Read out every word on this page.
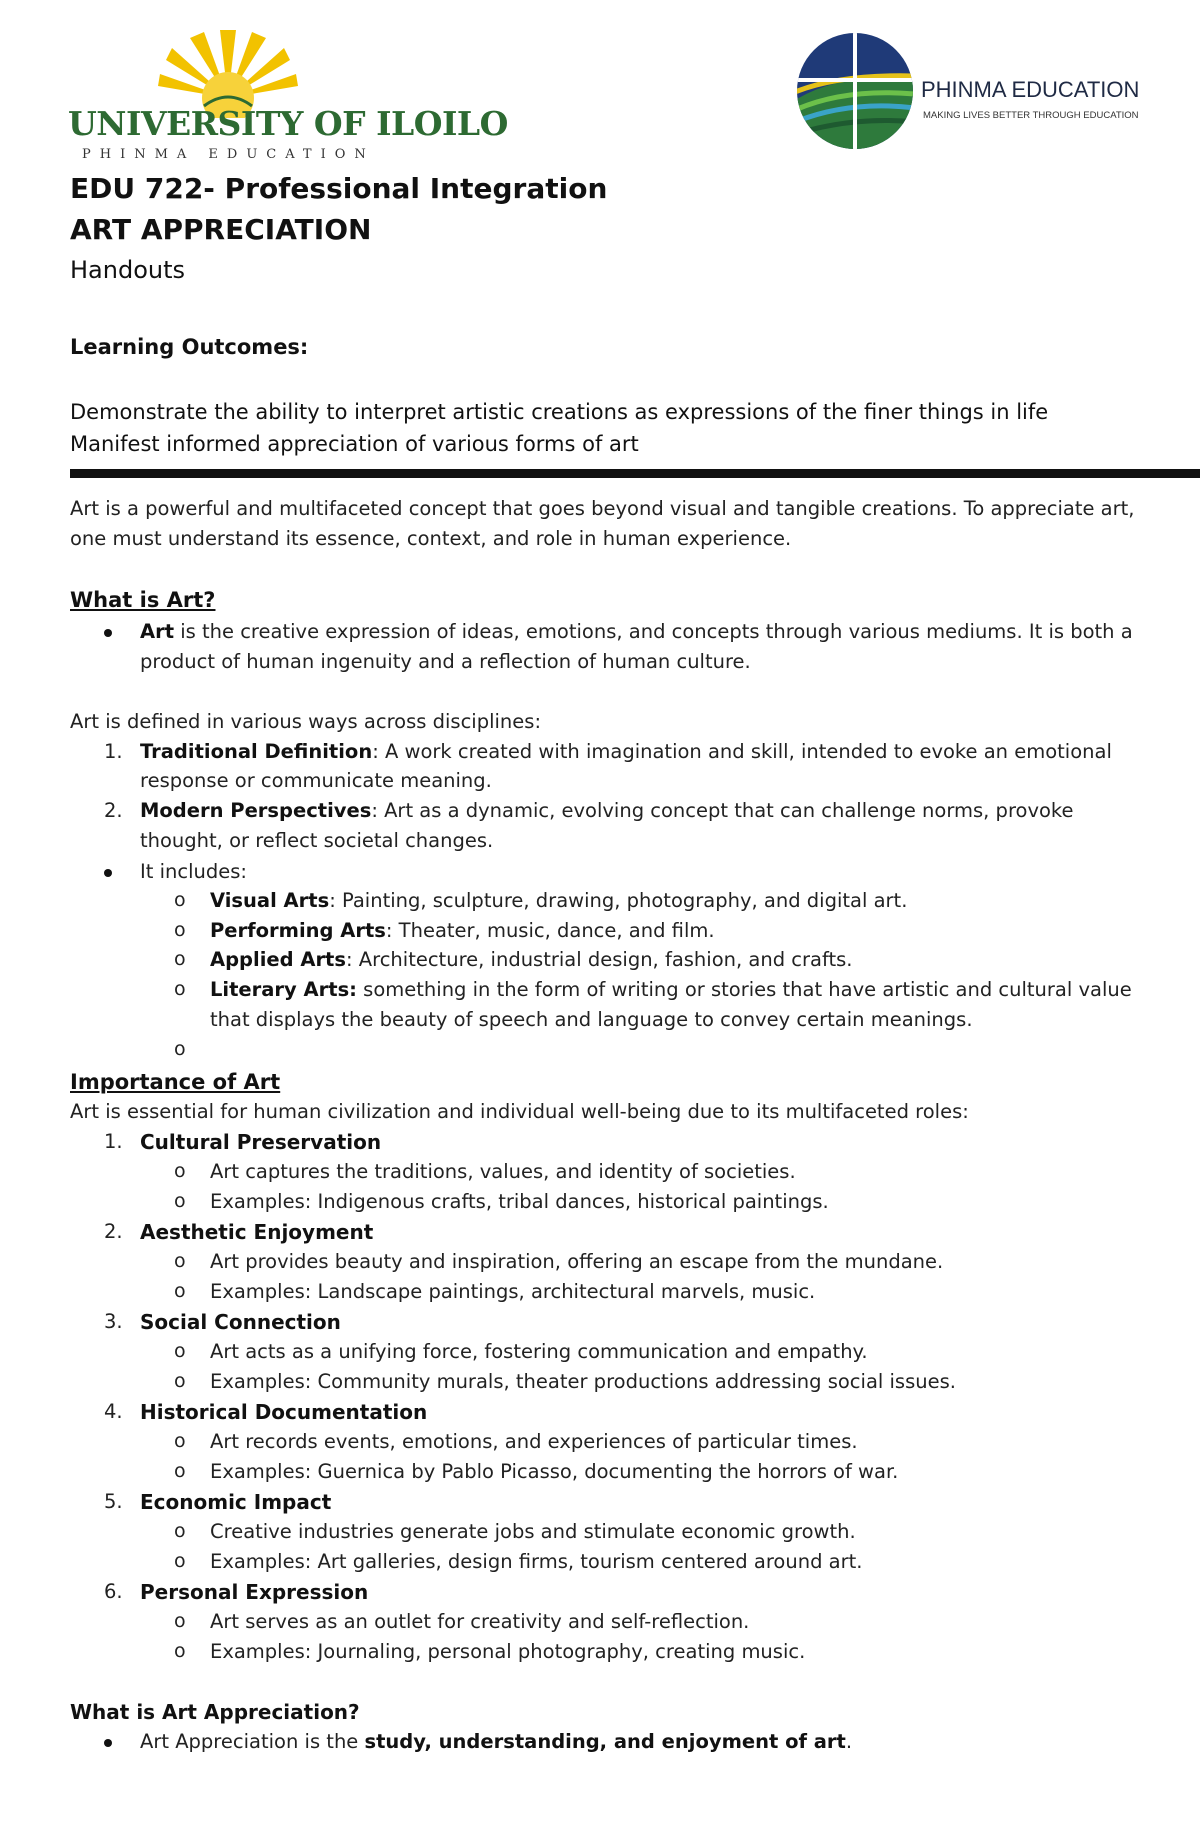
UNIVERSITY OF ILOILO
PHINMA EDUCATION
PHINMA EDUCATION
MAKING LIVES BETTER THROUGH EDUCATION
EDU 722- Professional Integration
ART APPRECIATION
Handouts
Learning Outcomes:
Demonstrate the ability to interpret artistic creations as expressions of the finer things in life
Manifest informed appreciation of various forms of art
Art is a powerful and multifaceted concept that goes beyond visual and tangible creations. To appreciate art,
one must understand its essence, context, and role in human experience.
What is Art?
Art is the creative expression of ideas, emotions, and concepts through various mediums. It is both a
product of human ingenuity and a reflection of human culture.
Art is defined in various ways across disciplines:
1. Traditional Definition: A work created with imagination and skill, intended to evoke an emotional
response or communicate meaning.
2. Modern Perspectives: Art as a dynamic, evolving concept that can challenge norms, provoke
thought, or reflect societal changes.
It includes:
o Visual Arts: Painting, sculpture, drawing, photography, and digital art.
o Performing Arts: Theater, music, dance, and film.
o Applied Arts: Architecture, industrial design, fashion, and crafts.
o Literary Arts: something in the form of writing or stories that have artistic and cultural value
that displays the beauty of speech and language to convey certain meanings.
o
Importance of Art
Art is essential for human civilization and individual well-being due to its multifaceted roles:
1. Cultural Preservation
o Art captures the traditions, values, and identity of societies.
o Examples: Indigenous crafts, tribal dances, historical paintings.
2. Aesthetic Enjoyment
o Art provides beauty and inspiration, offering an escape from the mundane.
o Examples: Landscape paintings, architectural marvels, music.
3. Social Connection
o Art acts as a unifying force, fostering communication and empathy.
o Examples: Community murals, theater productions addressing social issues.
4. Historical Documentation
o Art records events, emotions, and experiences of particular times.
o Examples: Guernica by Pablo Picasso, documenting the horrors of war.
5. Economic Impact
o Creative industries generate jobs and stimulate economic growth.
o Examples: Art galleries, design firms, tourism centered around art.
6. Personal Expression
o Art serves as an outlet for creativity and self-reflection.
o Examples: Journaling, personal photography, creating music.
What is Art Appreciation?
Art Appreciation is the study, understanding, and enjoyment of art.
